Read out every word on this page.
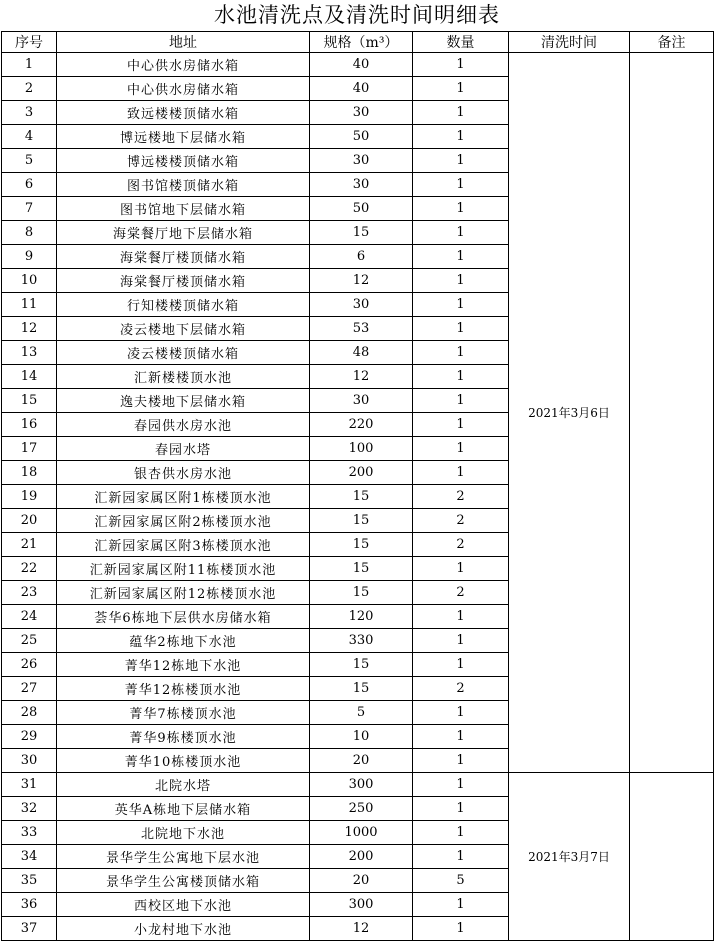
水池清洗点及清洗时间明细表
序号	地址	规格（m³）	数量	清洗时间	备注
1	中心供水房储水箱	40	1	2021年3月6日	
2	中心供水房储水箱	40	1		
3	致远楼楼顶储水箱	30	1		
4	博远楼地下层储水箱	50	1		
5	博远楼楼顶储水箱	30	1		
6	图书馆楼顶储水箱	30	1		
7	图书馆地下层储水箱	50	1		
8	海棠餐厅地下层储水箱	15	1		
9	海棠餐厅楼顶储水箱	6	1		
10	海棠餐厅楼顶储水箱	12	1		
11	行知楼楼顶储水箱	30	1		
12	凌云楼地下层储水箱	53	1		
13	凌云楼楼顶储水箱	48	1		
14	汇新楼楼顶水池	12	1		
15	逸夫楼地下层储水箱	30	1		
16	春园供水房水池	220	1		
17	春园水塔	100	1		
18	银杏供水房水池	200	1		
19	汇新园家属区附1栋楼顶水池	15	2		
20	汇新园家属区附2栋楼顶水池	15	2		
21	汇新园家属区附3栋楼顶水池	15	2		
22	汇新园家属区附11栋楼顶水池	15	1		
23	汇新园家属区附12栋楼顶水池	15	2		
24	荟华6栋地下层供水房储水箱	120	1		
25	蕴华2栋地下水池	330	1		
26	菁华12栋地下水池	15	1		
27	菁华12栋楼顶水池	15	2		
28	菁华7栋楼顶水池	5	1		
29	菁华9栋楼顶水池	10	1		
30	菁华10栋楼顶水池	20	1		
31	北院水塔	300	1	2021年3月7日	
32	英华A栋地下层储水箱	250	1		
33	北院地下水池	1000	1		
34	景华学生公寓地下层水池	200	1		
35	景华学生公寓楼顶储水箱	20	5		
36	西校区地下水池	300	1		
37	小龙村地下水池	12	1		
